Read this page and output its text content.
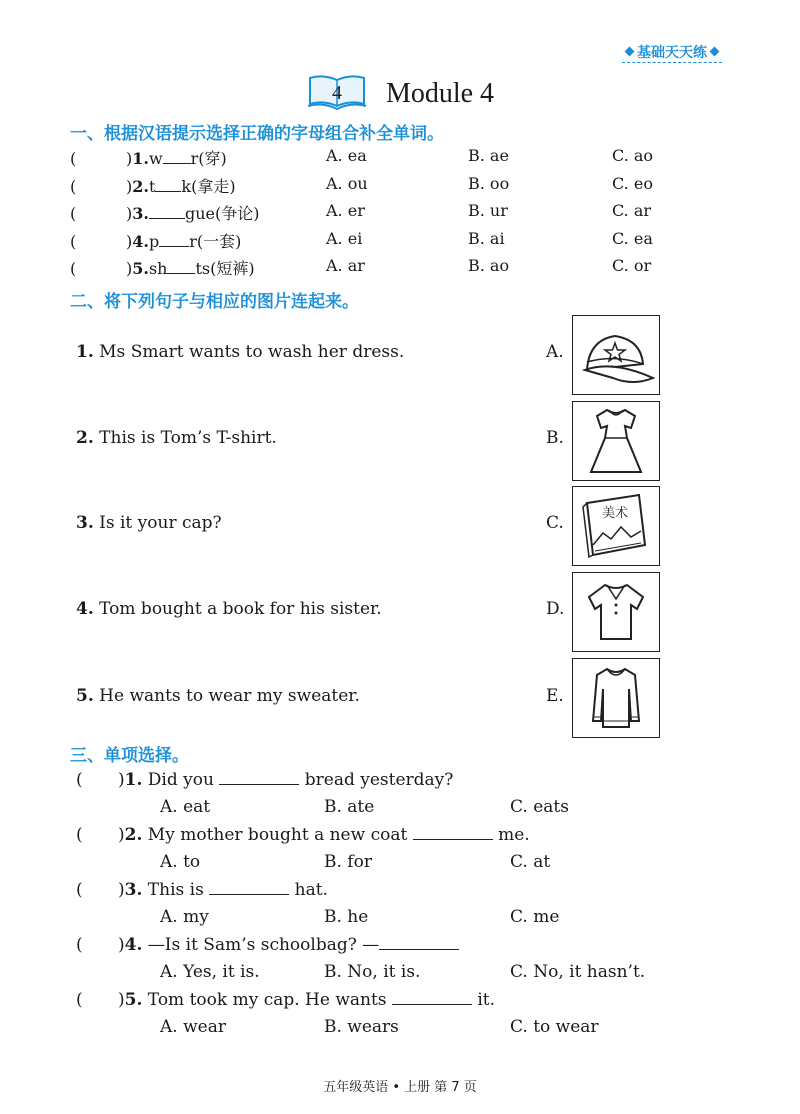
基础天天练
4 Module 4
一、根据汉语提示选择正确的字母组合补全单词。
(	)1.w r(穿)	A. ea	B. ae	C. ao
(	)2.t k(拿走)	A. ou	B. oo	C. eo
(	)3. gue(争论)	A. er	B. ur	C. ar
(	)4.p r(一套)	A. ei	B. ai	C. ea
(	)5.sh ts(短裤)	A. ar	B. ao	C. or
二、将下列句子与相应的图片连起来。
1. Ms Smart wants to wash her dress.	A.
2. This is Tom’s T-shirt.	B.
3. Is it your cap?	C.
4. Tom bought a book for his sister.	D.
5. He wants to wear my sweater.	E.
美术
三、单项选择。
( )1. Did you	bread yesterday?
A. eat	B. ate	C. eats
( )2. My mother bought a new coat	me.
A. to	B. for	C. at
( )3. This is	hat.
A. my	B. he	C. me
( )4. —Is it Sam’s schoolbag? —
A. Yes, it is.	B. No, it is.	C. No, it hasn’t.
( )5. Tom took my cap. He wants	it.
A. wear	B. wears	C. to wear
五年级英语 • 上册 第 7 页
